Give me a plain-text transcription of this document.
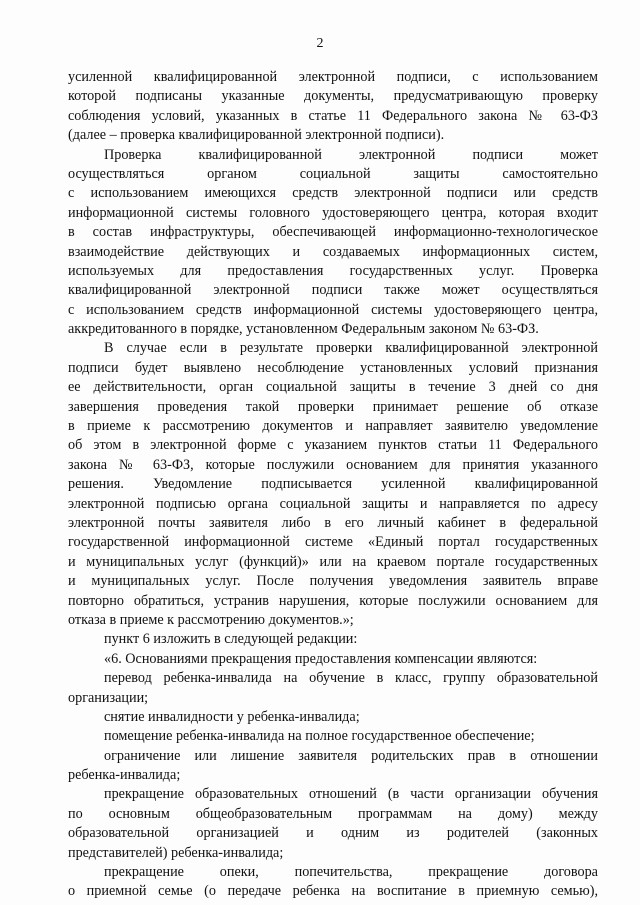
2
усиленной квалифицированной электронной подписи, с использованием
которой подписаны указанные документы, предусматривающую проверку
соблюдения условий, указанных в статье 11 Федерального закона № 63-ФЗ
(далее – проверка квалифицированной электронной подписи).
Проверка квалифицированной электронной подписи может
осуществляться органом социальной защиты самостоятельно
с использованием имеющихся средств электронной подписи или средств
информационной системы головного удостоверяющего центра, которая входит
в состав инфраструктуры, обеспечивающей информационно-технологическое
взаимодействие действующих и создаваемых информационных систем,
используемых для предоставления государственных услуг. Проверка
квалифицированной электронной подписи также может осуществляться
с использованием средств информационной системы удостоверяющего центра,
аккредитованного в порядке, установленном Федеральным законом № 63-ФЗ.
В случае если в результате проверки квалифицированной электронной
подписи будет выявлено несоблюдение установленных условий признания
ее действительности, орган социальной защиты в течение 3 дней со дня
завершения проведения такой проверки принимает решение об отказе
в приеме к рассмотрению документов и направляет заявителю уведомление
об этом в электронной форме с указанием пунктов статьи 11 Федерального
закона № 63-ФЗ, которые послужили основанием для принятия указанного
решения. Уведомление подписывается усиленной квалифицированной
электронной подписью органа социальной защиты и направляется по адресу
электронной почты заявителя либо в его личный кабинет в федеральной
государственной информационной системе «Единый портал государственных
и муниципальных услуг (функций)» или на краевом портале государственных
и муниципальных услуг. После получения уведомления заявитель вправе
повторно обратиться, устранив нарушения, которые послужили основанием для
отказа в приеме к рассмотрению документов.»;
пункт 6 изложить в следующей редакции:
«6. Основаниями прекращения предоставления компенсации являются:
перевод ребенка-инвалида на обучение в класс, группу образовательной
организации;
снятие инвалидности у ребенка-инвалида;
помещение ребенка-инвалида на полное государственное обеспечение;
ограничение или лишение заявителя родительских прав в отношении
ребенка-инвалида;
прекращение образовательных отношений (в части организации обучения
по основным общеобразовательным программам на дому) между
образовательной организацией и одним из родителей (законных
представителей) ребенка-инвалида;
прекращение опеки, попечительства, прекращение договора
о приемной семье (о передаче ребенка на воспитание в приемную семью),
